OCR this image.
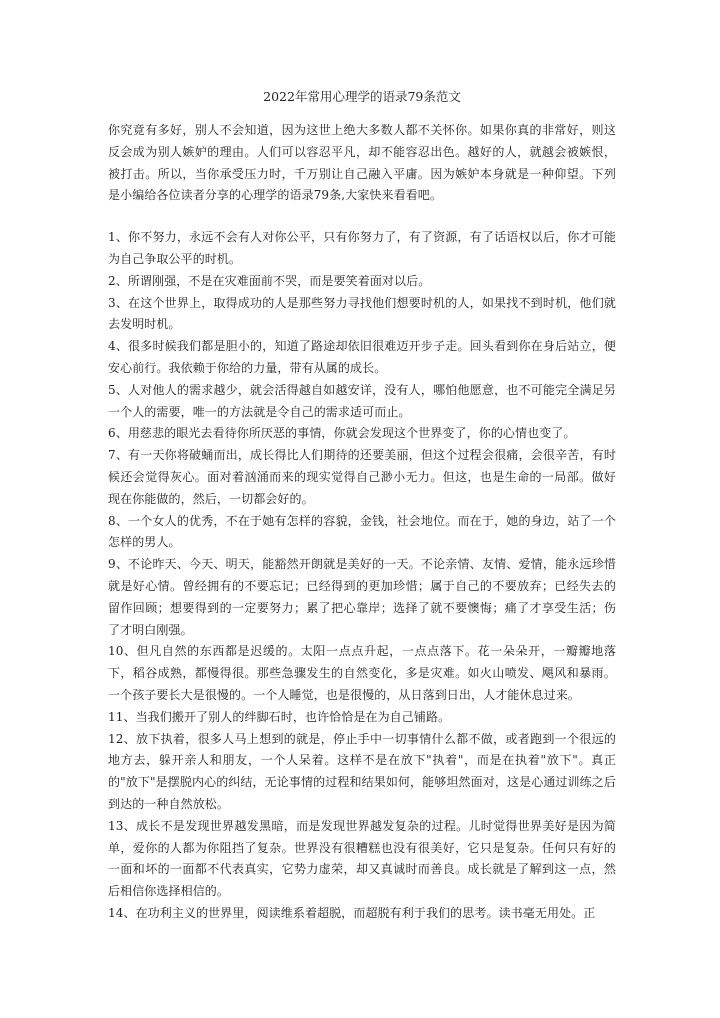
2022年常用心理学的语录79条范文

你究竟有多好，别人不会知道，因为这世上绝大多数人都不关怀你。如果你真的非常好，则这反会成为别人嫉妒的理由。人们可以容忍平凡，却不能容忍出色。越好的人，就越会被嫉恨，被打击。所以，当你承受压力时，千万别让自己融入平庸。因为嫉妒本身就是一种仰望。下列是小编给各位读者分享的心理学的语录79条,大家快来看看吧。

1、你不努力，永远不会有人对你公平，只有你努力了，有了资源，有了话语权以后，你才可能为自己争取公平的时机。

2、所谓刚强，不是在灾难面前不哭，而是要笑着面对以后。

3、在这个世界上，取得成功的人是那些努力寻找他们想要时机的人，如果找不到时机，他们就去发明时机。

4、很多时候我们都是胆小的，知道了路途却依旧很难迈开步子走。回头看到你在身后站立，便安心前行。我依赖于你给的力量，带有从属的成长。

5、人对他人的需求越少，就会活得越自如越安详，没有人，哪怕他愿意，也不可能完全满足另一个人的需要，唯一的方法就是令自己的需求适可而止。

6、用慈悲的眼光去看待你所厌恶的事情，你就会发现这个世界变了，你的心情也变了。

7、有一天你将破蛹而出，成长得比人们期待的还要美丽，但这个过程会很痛，会很辛苦，有时候还会觉得灰心。面对着汹涌而来的现实觉得自己渺小无力。但这，也是生命的一局部。做好现在你能做的，然后，一切都会好的。

8、一个女人的优秀，不在于她有怎样的容貌，金钱，社会地位。而在于，她的身边，站了一个怎样的男人。

9、不论昨天、今天、明天，能豁然开朗就是美好的一天。不论亲情、友情、爱情，能永远珍惜就是好心情。曾经拥有的不要忘记；已经得到的更加珍惜；属于自己的不要放弃；已经失去的留作回顾；想要得到的一定要努力；累了把心靠岸；选择了就不要懊悔；痛了才享受生活；伤了才明白刚强。

10、但凡自然的东西都是迟缓的。太阳一点点升起，一点点落下。花一朵朵开，一瓣瓣地落下，稻谷成熟，都慢得很。那些急骤发生的自然变化，多是灾难。如火山喷发、飓风和暴雨。一个孩子要长大是很慢的。一个人睡觉，也是很慢的，从日落到日出，人才能休息过来。

11、当我们搬开了别人的绊脚石时，也许恰恰是在为自己铺路。

12、放下执着，很多人马上想到的就是，停止手中一切事情什么都不做，或者跑到一个很远的地方去，躲开亲人和朋友，一个人呆着。这样不是在放下"执着"，而是在执着"放下"。真正的"放下"是摆脱内心的纠结，无论事情的过程和结果如何，能够坦然面对，这是心通过训练之后到达的一种自然放松。

13、成长不是发现世界越发黑暗，而是发现世界越发复杂的过程。儿时觉得世界美好是因为简单，爱你的人都为你阻挡了复杂。世界没有很糟糕也没有很美好，它只是复杂。任何只有好的一面和坏的一面都不代表真实，它势力虚荣，却又真诚时而善良。成长就是了解到这一点，然后相信你选择相信的。

14、在功利主义的世界里，阅读维系着超脱，而超脱有利于我们的思考。读书毫无用处。正
